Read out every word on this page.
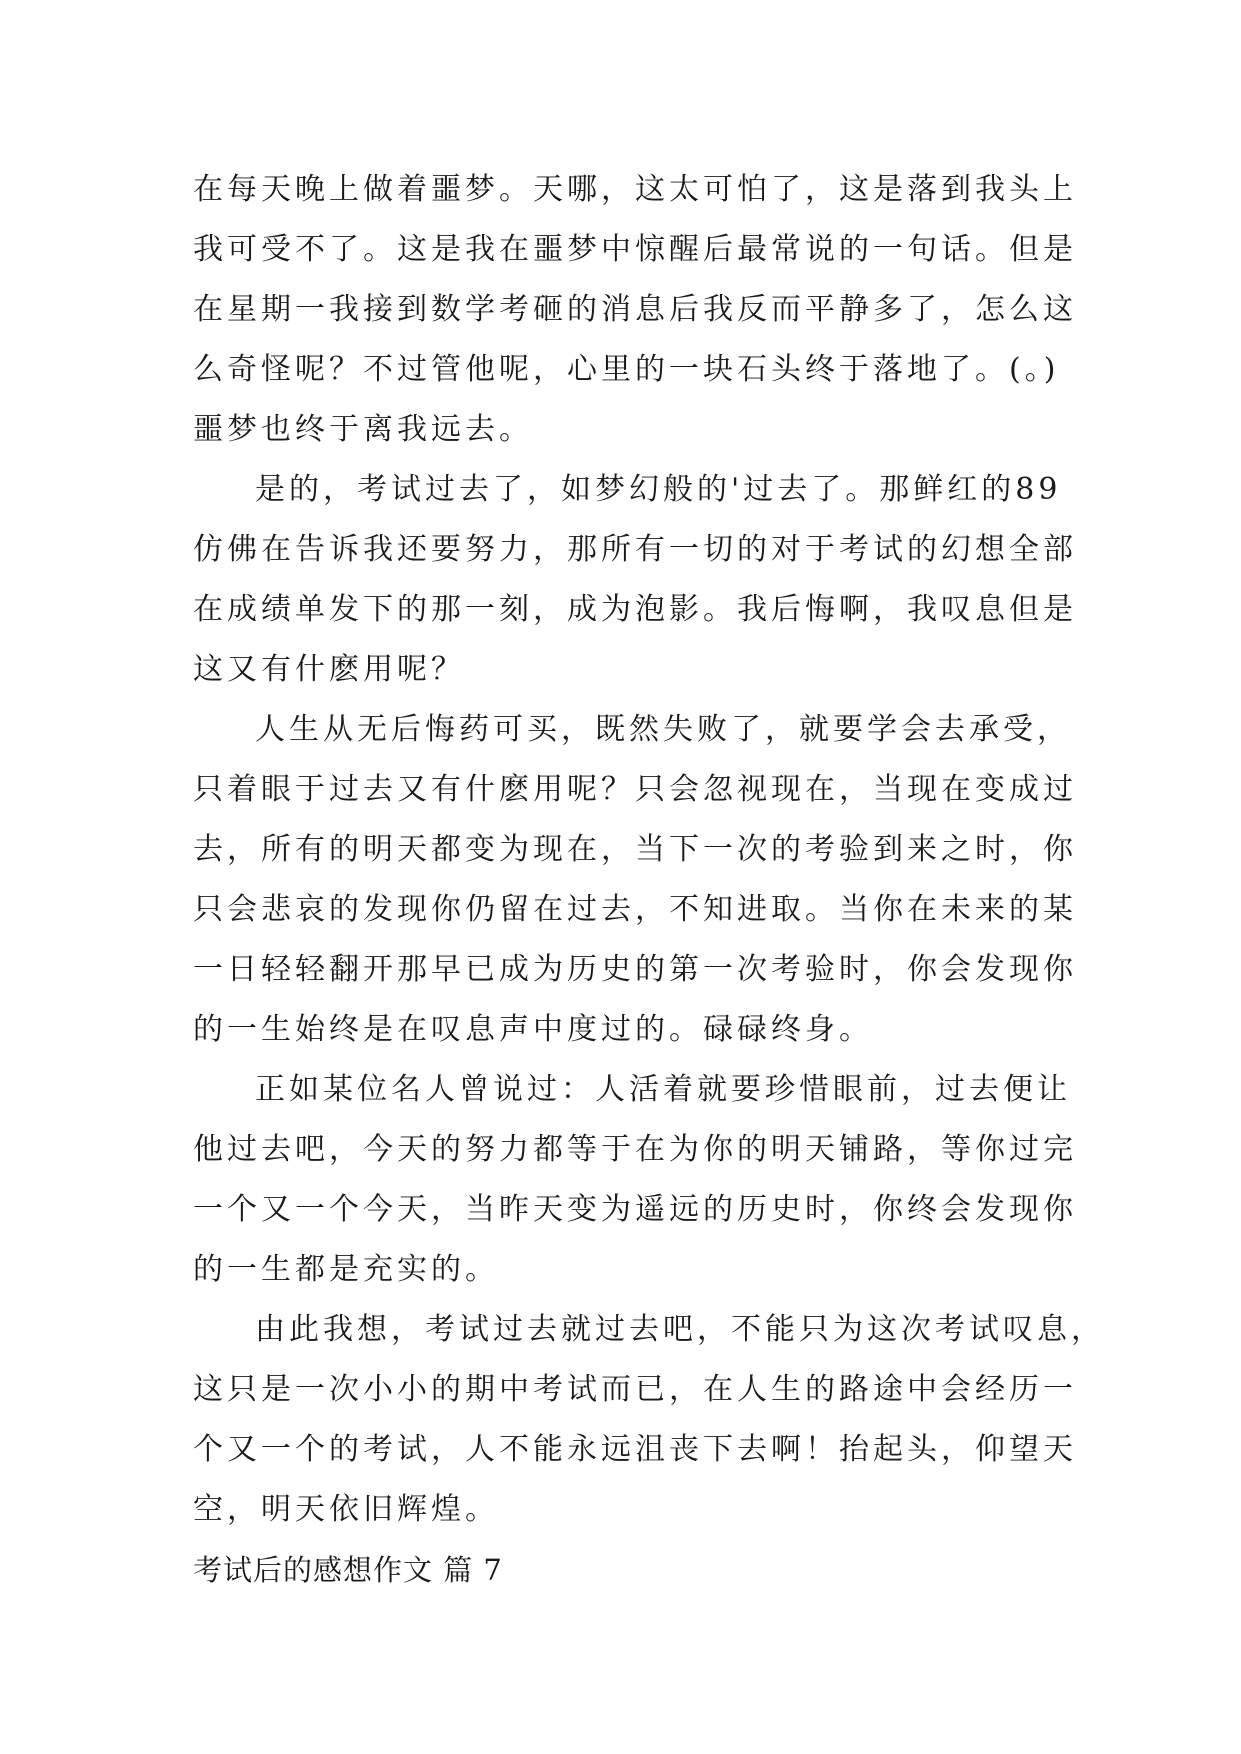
在每天晚上做着噩梦。天哪，这太可怕了，这是落到我头上
我可受不了。这是我在噩梦中惊醒后最常说的一句话。但是
在星期一我接到数学考砸的消息后我反而平静多了，怎么这
么奇怪呢？不过管他呢，心里的一块石头终于落地了。(。)
噩梦也终于离我远去。
是的，考试过去了，如梦幻般的'过去了。那鲜红的89
仿佛在告诉我还要努力，那所有一切的对于考试的幻想全部
在成绩单发下的那一刻，成为泡影。我后悔啊，我叹息但是
这又有什麽用呢？
人生从无后悔药可买，既然失败了，就要学会去承受，
只着眼于过去又有什麽用呢？只会忽视现在，当现在变成过
去，所有的明天都变为现在，当下一次的考验到来之时，你
只会悲哀的发现你仍留在过去，不知进取。当你在未来的某
一日轻轻翻开那早已成为历史的第一次考验时，你会发现你
的一生始终是在叹息声中度过的。碌碌终身。
正如某位名人曾说过：人活着就要珍惜眼前，过去便让
他过去吧，今天的努力都等于在为你的明天铺路，等你过完
一个又一个今天，当昨天变为遥远的历史时，你终会发现你
的一生都是充实的。
由此我想，考试过去就过去吧，不能只为这次考试叹息，
这只是一次小小的期中考试而已，在人生的路途中会经历一
个又一个的考试，人不能永远沮丧下去啊！抬起头，仰望天
空，明天依旧辉煌。
考试后的感想作文 篇 7
